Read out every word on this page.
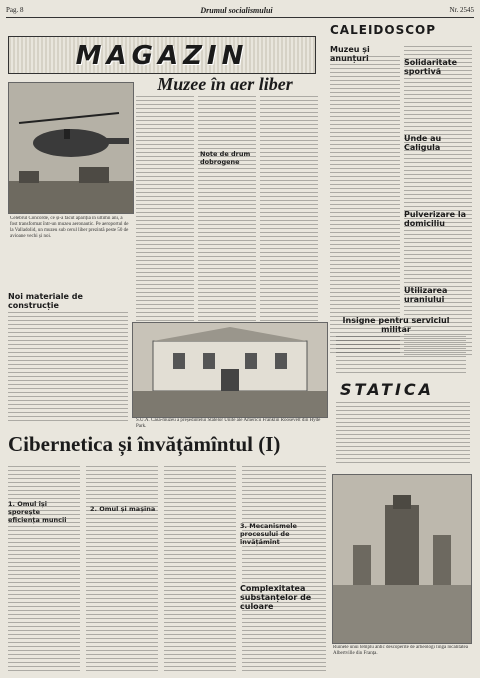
Pag. 8	Drumul socialismului	Nr. 2545
MAGAZIN
CALEIDOSCOP
Muzee în aer liber
Celebrul Concorde, ce și-a făcut apariția în ultimii ani, a fost transformat într-un muzeu aeronautic. Pe aeroportul de la Valladolid, un muzeu sub cerul liber prezintă peste 50 de avioane vechi și noi.
Note de drum dobrogene
Muzeu și anunțuri	Solidaritate sportivă
Unde au Caligula
Pulverizare la domiciliu
Utilizarea uraniului
Noi materiale de construcție
S.U.A. Casa-muzeu a președintelui Statelor Unite ale Americii Franklin Roosevelt din Hyde Park.
Insigne pentru serviciul militar
Cibernetica și învățămîntul (I)
1. Omul își sporește eficiența muncii
2. Omul și mașina
3. Mecanismele procesului de învățămînt
STATICA
Complexitatea substanțelor de culoare
Ruinele unui templu antic descoperite de arheologi lîngă localitatea Albertville din Franța.
